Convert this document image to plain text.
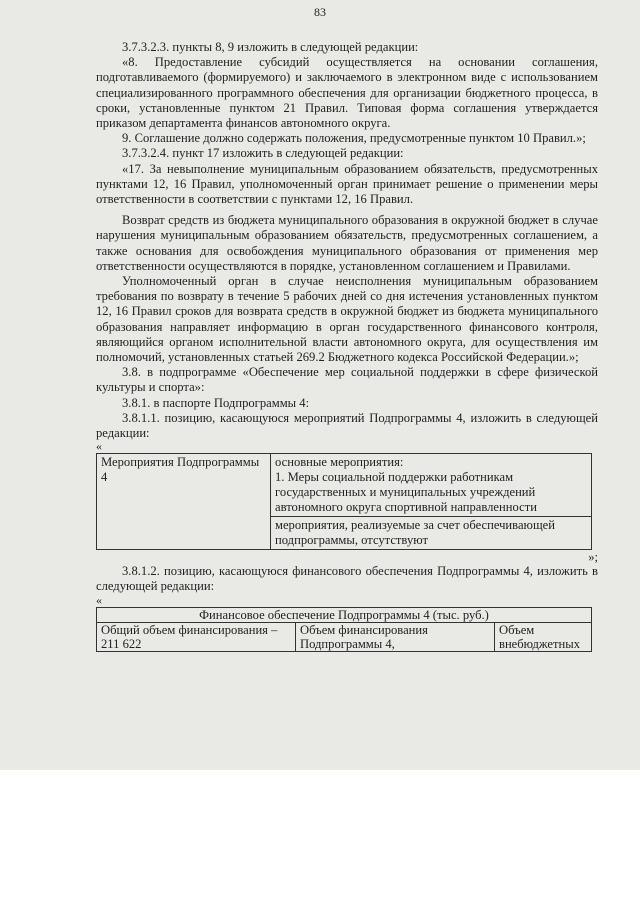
83

3.7.3.2.3. пункты 8, 9 изложить в следующей редакции:

«8. Предоставление субсидий осуществляется на основании соглашения, подготавливаемого (формируемого) и заключаемого в электронном виде с использованием специализированного программного обеспечения для организации бюджетного процесса, в сроки, установленные пунктом 21 Правил. Типовая форма соглашения утверждается приказом департамента финансов автономного округа.

9. Соглашение должно содержать положения, предусмотренные пунктом 10 Правил.»;

3.7.3.2.4. пункт 17 изложить в следующей редакции:

«17. За невыполнение муниципальным образованием обязательств, предусмотренных пунктами 12, 16 Правил, уполномоченный орган принимает решение о применении меры ответственности в соответствии с пунктами 12, 16 Правил.

Возврат средств из бюджета муниципального образования в окружной бюджет в случае нарушения муниципальным образованием обязательств, предусмотренных соглашением, а также основания для освобождения муниципального образования от применения мер ответственности осуществляются в порядке, установленном соглашением и Правилами.

Уполномоченный орган в случае неисполнения муниципальным образованием требования по возврату в течение 5 рабочих дней со дня истечения установленных пунктом 12, 16 Правил сроков для возврата средств в окружной бюджет из бюджета муниципального образования направляет информацию в орган государственного финансового контроля, являющийся органом исполнительной власти автономного округа, для осуществления им полномочий, установленных статьей 269.2 Бюджетного кодекса Российской Федерации.»;

3.8. в подпрограмме «Обеспечение мер социальной поддержки в сфере физической культуры и спорта»:

3.8.1. в паспорте Подпрограммы 4:

3.8.1.1. позицию, касающуюся мероприятий Подпрограммы 4, изложить в следующей редакции:

«

Мероприятия Подпрограммы 4	основные мероприятия:
1. Меры социальной поддержки работникам государственных и муниципальных учреждений автономного округа спортивной направленности
мероприятия, реализуемые за счет обеспечивающей подпрограммы, отсутствуют

»;

3.8.1.2. позицию, касающуюся финансового обеспечения Подпрограммы 4, изложить в следующей редакции:

«

Финансовое обеспечение Подпрограммы 4 (тыс. руб.)
Общий объем финансирования – 211 622	Объем финансирования Подпрограммы 4,	Объем внебюджетных
